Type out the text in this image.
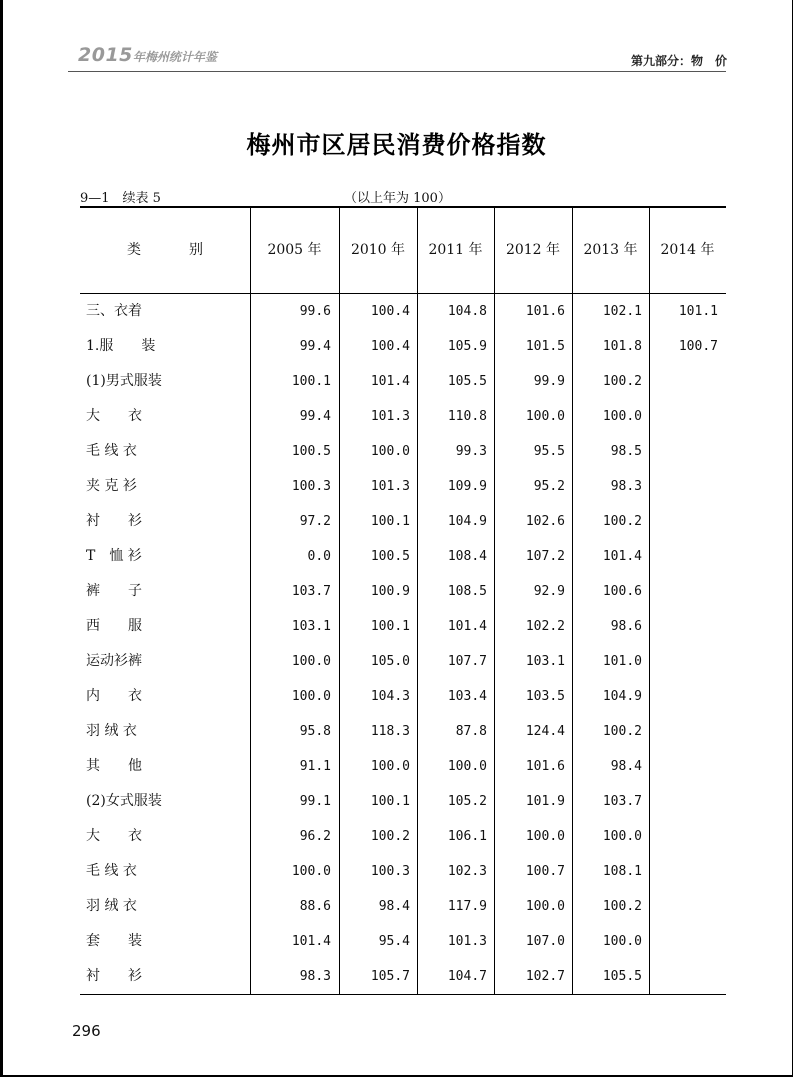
2015年梅州统计年鉴	第九部分：物　价
梅州市区居民消费价格指数
9—1　续表 5	（以上年为 100）
类	别	2005 年	2010 年	2011 年	2012 年	2013 年	2014 年
三、衣着	99.6	100.4	104.8	101.6	102.1	101.1
1.服　　装	99.4	100.4	105.9	101.5	101.8	100.7
(1)男式服装	100.1	101.4	105.5	99.9	100.2
大　　衣	99.4	101.3	110.8	100.0	100.0
毛 线 衣	100.5	100.0	99.3	95.5	98.5
夹 克 衫	100.3	101.3	109.9	95.2	98.3
衬　　衫	97.2	100.1	104.9	102.6	100.2
T　恤 衫	0.0	100.5	108.4	107.2	101.4
裤　　子	103.7	100.9	108.5	92.9	100.6
西　　服	103.1	100.1	101.4	102.2	98.6
运动衫裤	100.0	105.0	107.7	103.1	101.0
内　　衣	100.0	104.3	103.4	103.5	104.9
羽 绒 衣	95.8	118.3	87.8	124.4	100.2
其　　他	91.1	100.0	100.0	101.6	98.4
(2)女式服装	99.1	100.1	105.2	101.9	103.7
大　　衣	96.2	100.2	106.1	100.0	100.0
毛 线 衣	100.0	100.3	102.3	100.7	108.1
羽 绒 衣	88.6	98.4	117.9	100.0	100.2
套　　装	101.4	95.4	101.3	107.0	100.0
衬　　衫	98.3	105.7	104.7	102.7	105.5
296
